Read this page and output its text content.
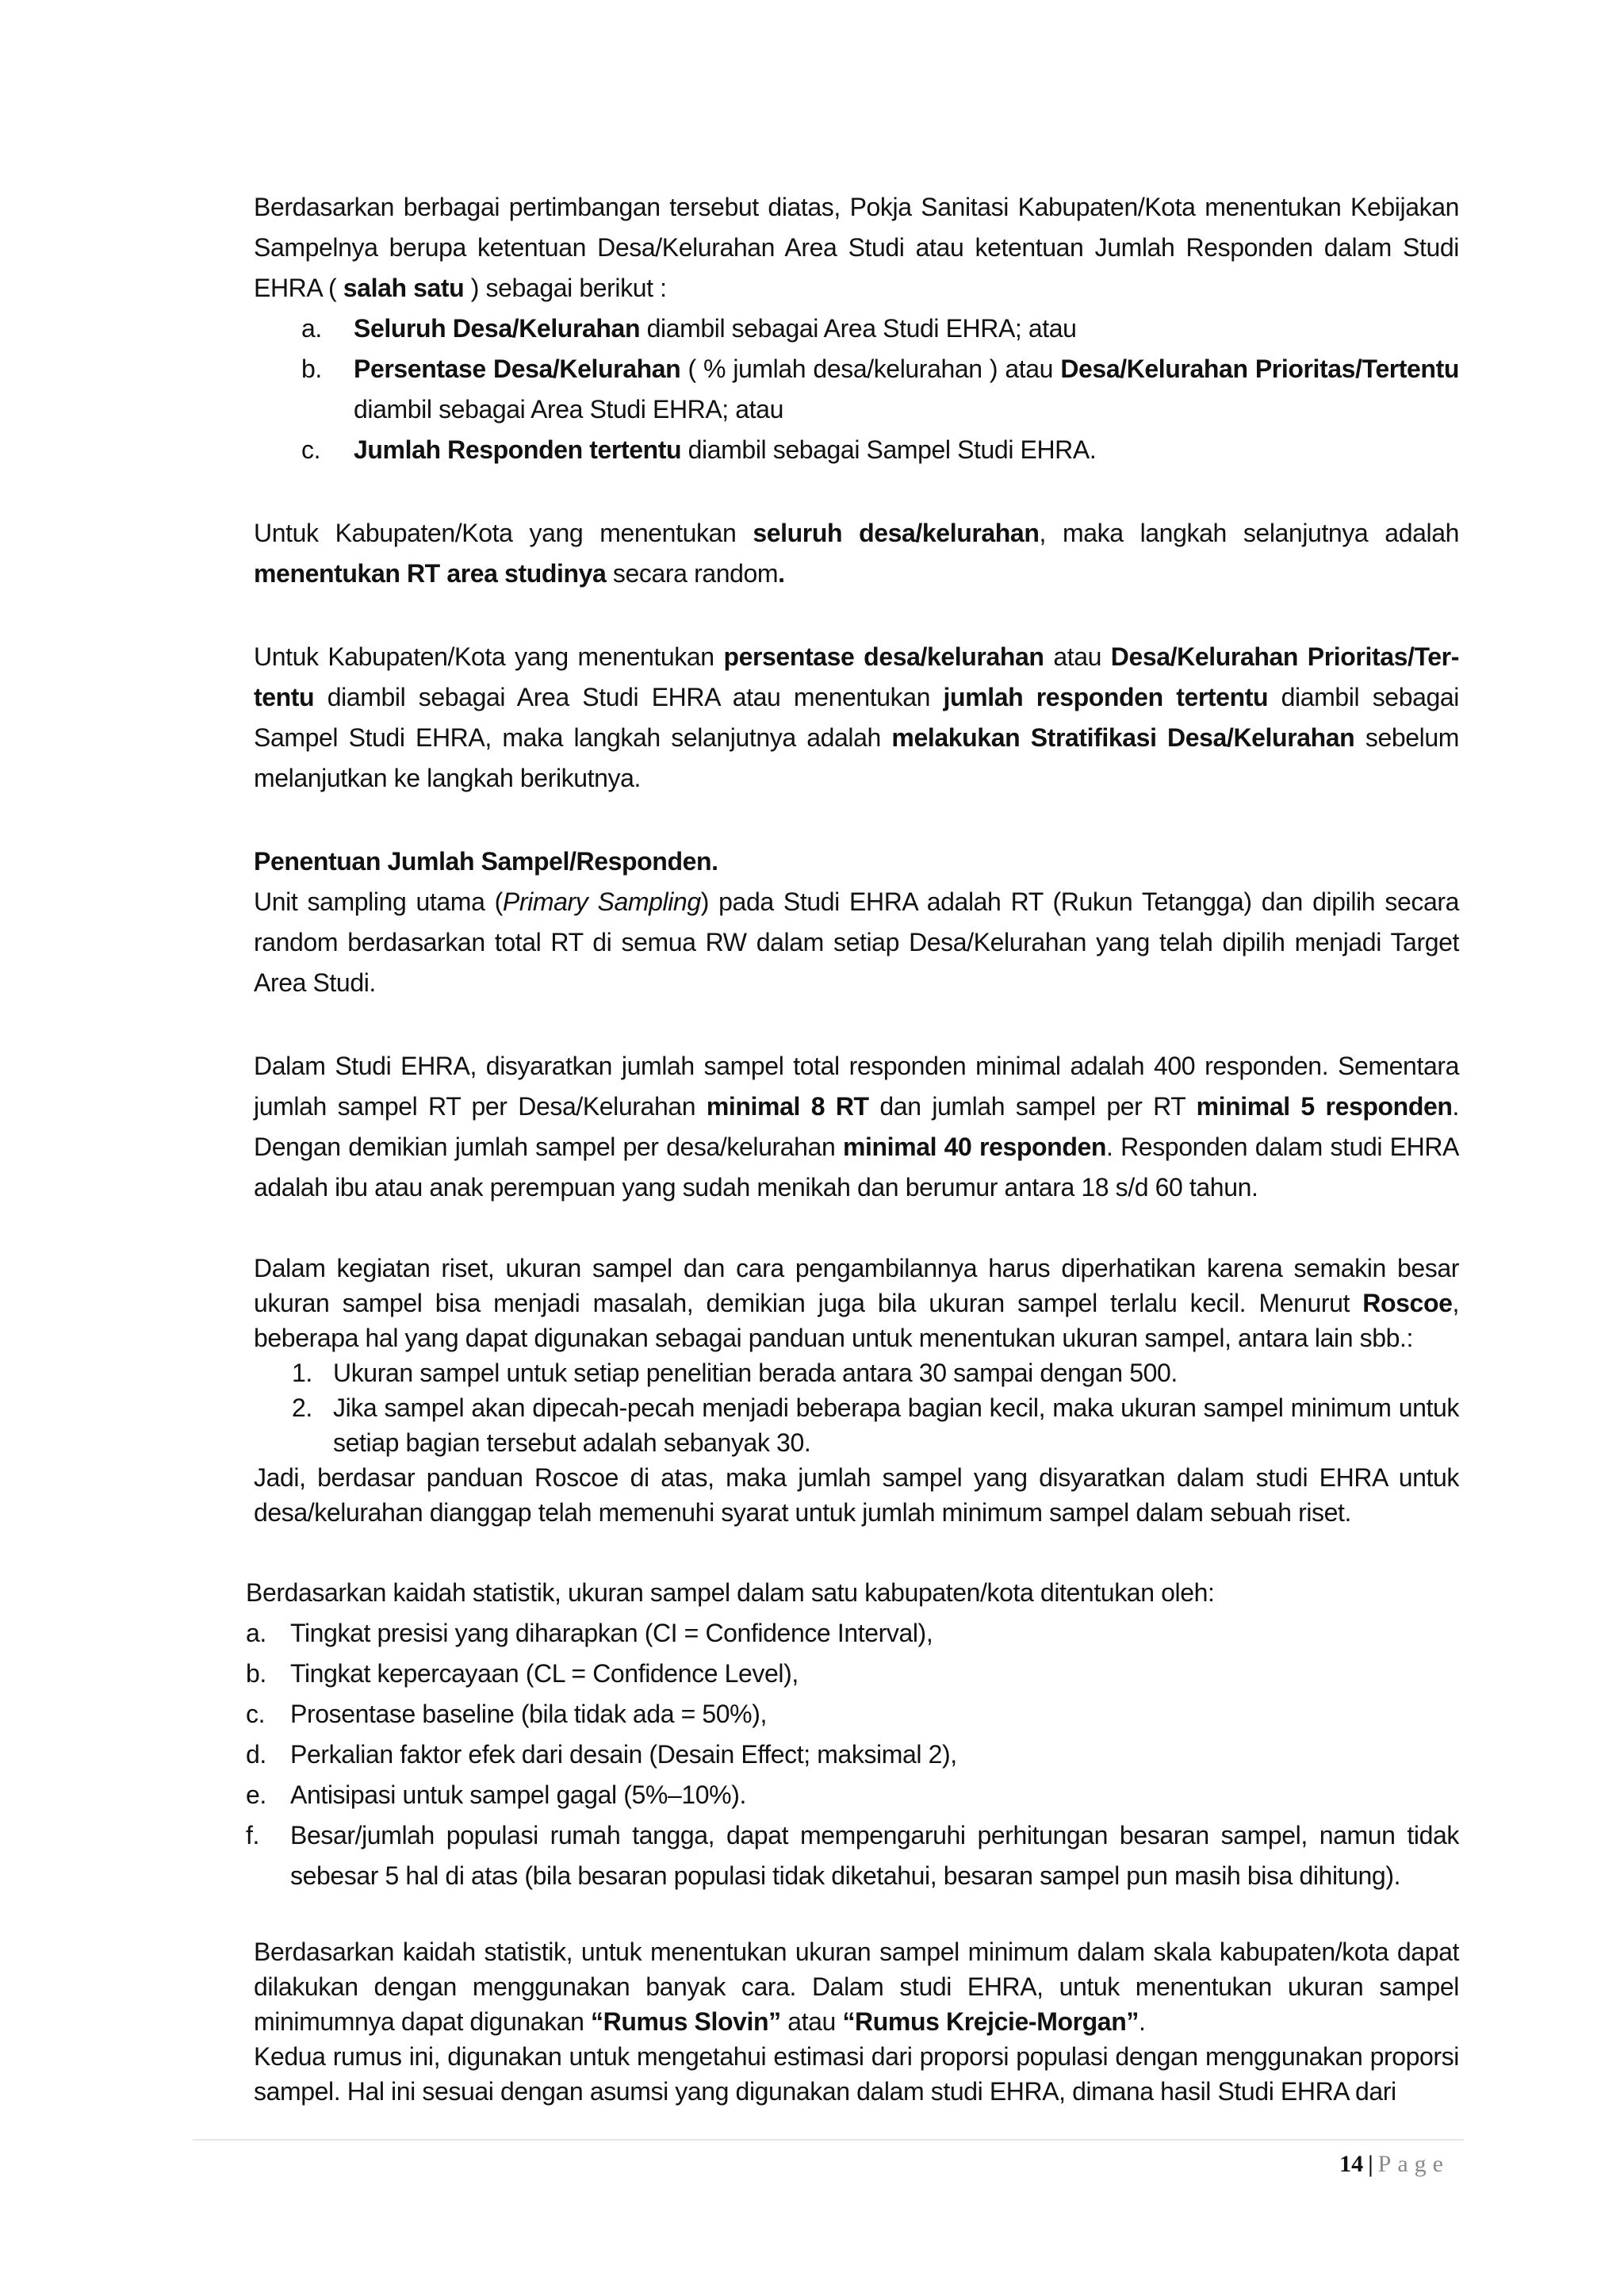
Berdasarkan berbagai pertimbangan tersebut diatas, Pokja Sanitasi Kabupaten/Kota menentukan Kebijakan Sampelnya berupa ketentuan Desa/Kelurahan Area Studi atau ketentuan Jumlah Responden dalam Studi EHRA ( salah satu ) sebagai berikut :

a. Seluruh Desa/Kelurahan diambil sebagai Area Studi EHRA; atau
b. Persentase Desa/Kelurahan ( % jumlah desa/kelurahan ) atau Desa/Kelurahan Prioritas/Tertentu diambil sebagai Area Studi EHRA; atau
c. Jumlah Responden tertentu diambil sebagai Sampel Studi EHRA.

Untuk Kabupaten/Kota yang menentukan seluruh desa/kelurahan, maka langkah selanjutnya adalah menentukan RT area studinya secara random.

Untuk Kabupaten/Kota yang menentukan persentase desa/kelurahan atau Desa/Kelurahan Prioritas/Ter-tentu diambil sebagai Area Studi EHRA atau menentukan jumlah responden tertentu diambil sebagai Sampel Studi EHRA, maka langkah selanjutnya adalah melakukan Stratifikasi Desa/Kelurahan sebelum melanjutkan ke langkah berikutnya.

Penentuan Jumlah Sampel/Responden.

Unit sampling utama (Primary Sampling) pada Studi EHRA adalah RT (Rukun Tetangga) dan dipilih secara random berdasarkan total RT di semua RW dalam setiap Desa/Kelurahan yang telah dipilih menjadi Target Area Studi.

Dalam Studi EHRA, disyaratkan jumlah sampel total responden minimal adalah 400 responden. Sementara jumlah sampel RT per Desa/Kelurahan minimal 8 RT dan jumlah sampel per RT minimal 5 responden. Dengan demikian jumlah sampel per desa/kelurahan minimal 40 responden. Responden dalam studi EHRA adalah ibu atau anak perempuan yang sudah menikah dan berumur antara 18 s/d 60 tahun.

Dalam kegiatan riset, ukuran sampel dan cara pengambilannya harus diperhatikan karena semakin besar ukuran sampel bisa menjadi masalah, demikian juga bila ukuran sampel terlalu kecil. Menurut Roscoe, beberapa hal yang dapat digunakan sebagai panduan untuk menentukan ukuran sampel, antara lain sbb.:

1. Ukuran sampel untuk setiap penelitian berada antara 30 sampai dengan 500.
2. Jika sampel akan dipecah-pecah menjadi beberapa bagian kecil, maka ukuran sampel minimum untuk setiap bagian tersebut adalah sebanyak 30.

Jadi, berdasar panduan Roscoe di atas, maka jumlah sampel yang disyaratkan dalam studi EHRA untuk desa/kelurahan dianggap telah memenuhi syarat untuk jumlah minimum sampel dalam sebuah riset.

Berdasarkan kaidah statistik, ukuran sampel dalam satu kabupaten/kota ditentukan oleh:

a. Tingkat presisi yang diharapkan (CI = Confidence Interval),
b. Tingkat kepercayaan (CL = Confidence Level),
c. Prosentase baseline (bila tidak ada = 50%),
d. Perkalian faktor efek dari desain (Desain Effect; maksimal 2),
e. Antisipasi untuk sampel gagal (5%–10%).
f. Besar/jumlah populasi rumah tangga, dapat mempengaruhi perhitungan besaran sampel, namun tidak sebesar 5 hal di atas (bila besaran populasi tidak diketahui, besaran sampel pun masih bisa dihitung).

Berdasarkan kaidah statistik, untuk menentukan ukuran sampel minimum dalam skala kabupaten/kota dapat dilakukan dengan menggunakan banyak cara. Dalam studi EHRA, untuk menentukan ukuran sampel minimumnya dapat digunakan “Rumus Slovin” atau “Rumus Krejcie-Morgan”.

Kedua rumus ini, digunakan untuk mengetahui estimasi dari proporsi populasi dengan menggunakan proporsi sampel. Hal ini sesuai dengan asumsi yang digunakan dalam studi EHRA, dimana hasil Studi EHRA dari

14 | Page
